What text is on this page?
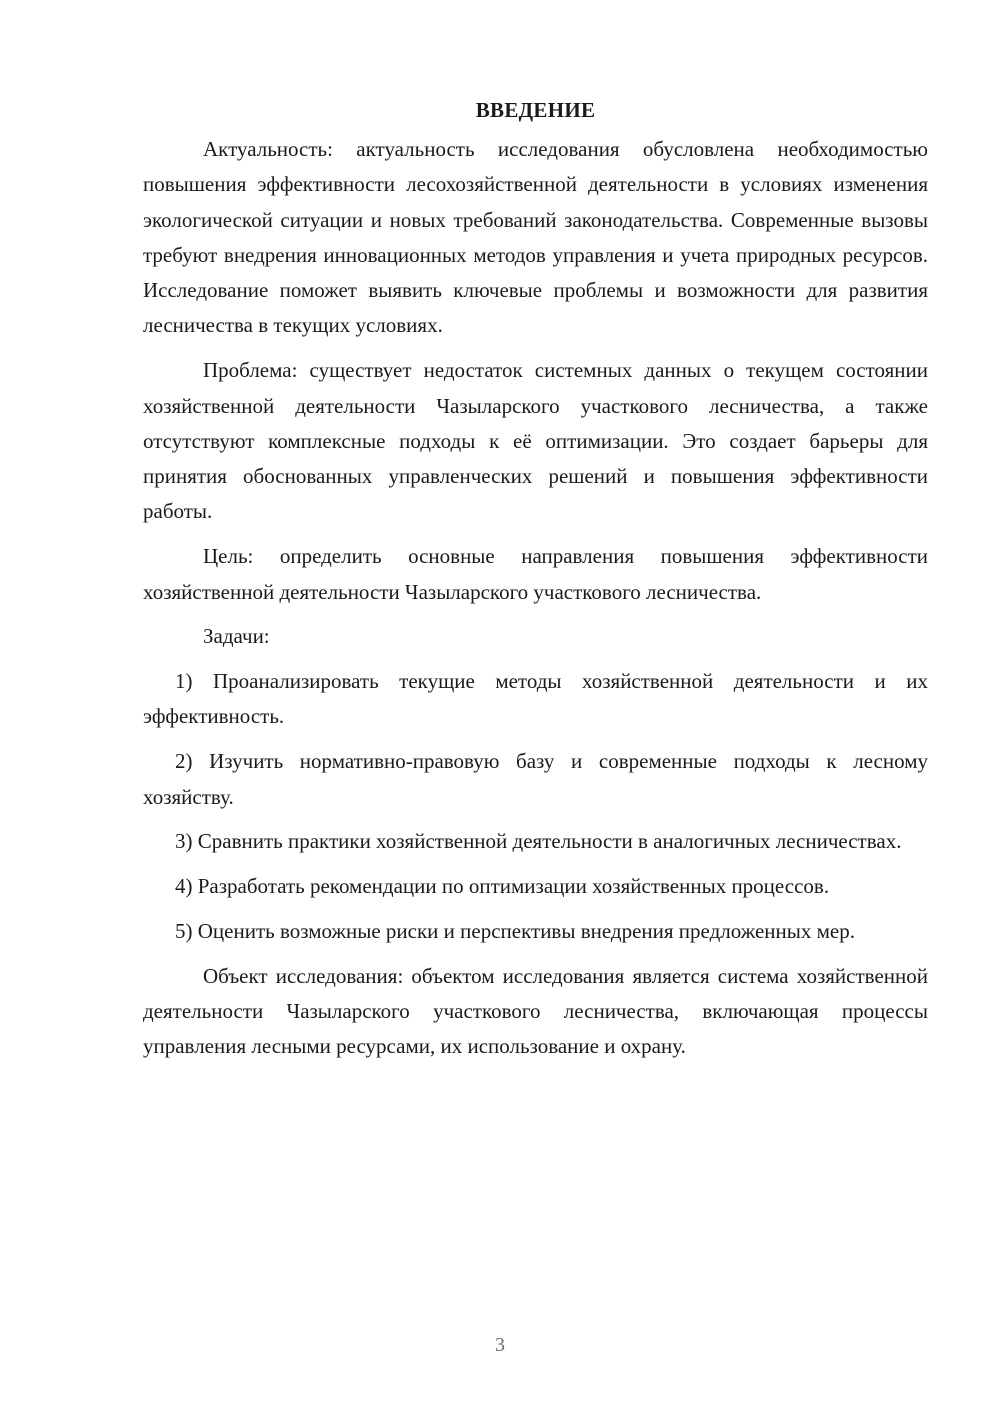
ВВЕДЕНИЕ

Актуальность: актуальность исследования обусловлена необходимостью повышения эффективности лесохозяйственной деятельности в условиях изменения экологической ситуации и новых требований законодательства. Современные вызовы требуют внедрения инновационных методов управления и учета природных ресурсов. Исследование поможет выявить ключевые проблемы и возможности для развития лесничества в текущих условиях.

Проблема: существует недостаток системных данных о текущем состоянии хозяйственной деятельности Чазыларского участкового лесничества, а также отсутствуют комплексные подходы к её оптимизации. Это создает барьеры для принятия обоснованных управленческих решений и повышения эффективности работы.

Цель: определить основные направления повышения эффективности хозяйственной деятельности Чазыларского участкового лесничества.

Задачи:

1) Проанализировать текущие методы хозяйственной деятельности и их эффективность.

2) Изучить нормативно-правовую базу и современные подходы к лесному хозяйству.

3) Сравнить практики хозяйственной деятельности в аналогичных лесничествах.

4) Разработать рекомендации по оптимизации хозяйственных процессов.

5) Оценить возможные риски и перспективы внедрения предложенных мер.

Объект исследования: объектом исследования является система хозяйственной деятельности Чазыларского участкового лесничества, включающая процессы управления лесными ресурсами, их использование и охрану.

3
